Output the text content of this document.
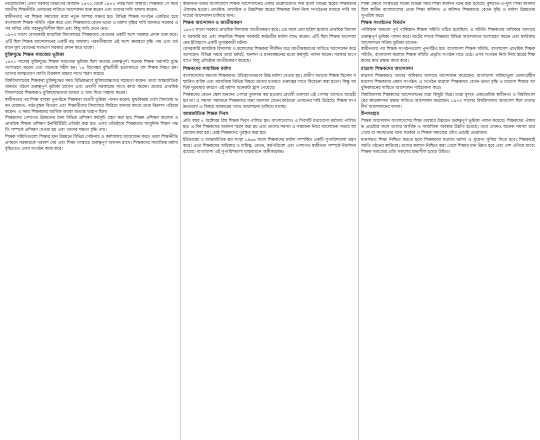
নিয়েছিলেন। এসব সরকার বিভাগের অবস্থান ১৯৭২ থেকে ১৯৭৫ পর্যন্ত ছিল অস্থায়ী। শিক্ষকরা সে সময় জাতীয় শিক্ষানীতি প্রণয়নের দাবিতে আন্দোলন শুরু করেন এবং তাদের দাবি আদায় করেন।

স্বাধীনতার পর শিক্ষক সমাজের মধ্যে নতুন আশার সঞ্চার হয়। বিভিন্ন শিক্ষক সংগঠন একত্রিত হয়ে বাংলাদেশ শিক্ষক সমিতি গঠন করে এবং শিক্ষকদের বেতন ভাতা ও মর্যাদা বৃদ্ধির দাবি জানায়। সরকার এসব দাবির প্রতি সহানুভূতিশীল ছিল এবং কিছু দাবি মেনে নেয়।

১৯৭৩ সালে বেসরকারি মাধ্যমিক বিদ্যালয়ের শিক্ষকদের বেতনের একটি অংশ সরকার প্রদান শুরু করে। এটি ছিল শিক্ষক আন্দোলনের একটি বড় সাফল্য। পরবর্তীকালে এই অংশ ক্রমান্বয়ে বৃদ্ধি পায় এবং বর্তমানে মূল বেতনের শতভাগ সরকার প্রদান করে থাকে।

মুক্তিযুদ্ধে শিক্ষক সমাজের ভূমিকা

১৯৭১ সালের মুক্তিযুদ্ধে শিক্ষক সমাজের ভূমিকা ছিল অত্যন্ত গুরুত্বপূর্ণ। অনেক শিক্ষক সরাসরি যুদ্ধে অংশগ্রহণ করেন এবং অনেকে শহীদ হন। ১৪ ডিসেম্বর বুদ্ধিজীবী হত্যাকাণ্ডে বহু শিক্ষক নিহত হন। তাদের আত্মত্যাগ জাতি চিরকাল শ্রদ্ধার সাথে স্মরণ করবে।

বিশ্ববিদ্যালয়ের শিক্ষকরা মুক্তিযুদ্ধের সময় বিভিন্নভাবে মুক্তিযোদ্ধাদের সহায়তা করেন। তারা আন্তর্জাতিক জনমত গঠনে গুরুত্বপূর্ণ ভূমিকা রাখেন এবং প্রবাসী সরকারের সাথে কাজ করেন। গ্রামের প্রাথমিক বিদ্যালয়ের শিক্ষকরাও মুক্তিযোদ্ধাদের আশ্রয় ও খাদ্য দিয়ে সাহায্য করেন।

স্বাধীনতার পর শিক্ষা ব্যবস্থা পুনর্গঠনে শিক্ষকরা অগ্রণী ভূমিকা পালন করেন। যুদ্ধবিধ্বস্ত দেশে বিদ্যালয় ভবন মেরামত, পাঠ্যপুস্তক বিতরণ এবং শিক্ষার্থীদের বিদ্যালয়ে ফিরিয়ে আনার কাজে তারা নিরলস পরিশ্রম করেন। এ সময় শিক্ষকদের আর্থিক অবস্থা অত্যন্ত খারাপ ছিল।

শিক্ষকদের পেশাগত উন্নয়নের জন্য বিভিন্ন প্রশিক্ষণ কর্মসূচি গ্রহণ করা হয়। শিক্ষক প্রশিক্ষণ কলেজ ও প্রাথমিক শিক্ষক প্রশিক্ষণ ইনস্টিটিউট প্রতিষ্ঠা করা হয়। এসব প্রতিষ্ঠানে শিক্ষকদের আধুনিক শিক্ষণ পদ্ধতি সম্পর্কে প্রশিক্ষণ দেওয়া হয় এবং তাদের দক্ষতা বৃদ্ধি পায়।

শিক্ষক সমিতিগুলো শিক্ষার মান উন্নয়নে বিভিন্ন সেমিনার ও কর্মশালার আয়োজন করে। তারা শিক্ষানীতি প্রণয়নে সরকারকে পরামর্শ দেয় এবং শিক্ষা সংস্কারে গুরুত্বপূর্ণ অবদান রাখে। শিক্ষকদের সামাজিক মর্যাদা বৃদ্ধিতেও এসব সংগঠন কাজ করে।

স্বাধীনতা-উত্তর বাংলাদেশে শিক্ষক আন্দোলনের একটি উল্লেখযোগ্য দিক হলো বিভিন্ন স্তরের শিক্ষকদের ঐক্যবদ্ধ হওয়া। প্রাথমিক, মাধ্যমিক ও উচ্চশিক্ষা স্তরের শিক্ষকরা নিজ নিজ সংগঠনের মাধ্যমে দাবি আদায়ের আন্দোলন চালিয়ে যান।

শিক্ষক আন্দোলন ও জাতীয়করণ

১৯৭৩ সালে সরকার প্রাথমিক বিদ্যালয় জাতীয়করণ করে। এর ফলে প্রায় ছত্রিশ হাজার প্রাথমিক বিদ্যালয় সরকারি হয় এবং লক্ষাধিক শিক্ষক সরকারি কর্মচারীর মর্যাদা লাভ করেন। এটি ছিল শিক্ষক আন্দোলনের ইতিহাসে একটি যুগান্তকারী ঘটনা।

বেসরকারি মাধ্যমিক বিদ্যালয় ও কলেজের শিক্ষকরা দীর্ঘদিন ধরে জাতীয়করণের দাবিতে আন্দোলন করে আসছেন। বিভিন্ন সময়ে তারা ধর্মঘট, অনশন ও মানববন্ধনের মতো কর্মসূচি পালন করেন। সরকার ধাপে ধাপে কিছু প্রতিষ্ঠান জাতীয়করণ করেছে।

শিক্ষকদের সামাজিক মর্যাদা

বাংলাদেশের সমাজে শিক্ষকদের ঐতিহ্যগতভাবে উচ্চ মর্যাদা দেওয়া হয়। গ্রামীণ সমাজে শিক্ষক ছিলেন সম্মানিত ব্যক্তি এবং সামাজিক বিভিন্ন বিষয়ে তাদের মতামত গুরুত্বের সাথে বিবেচনা করা হতো। কিন্তু আর্থিক দুরবস্থার কারণে এই মর্যাদা অনেকটা হ্রাস পেয়েছে।

শিক্ষকদের বেতন স্কেল অন্যান্য পেশার তুলনায় কম হওয়ায় মেধাবী তরুণরা এই পেশায় আসতে আগ্রহী হয় না। এ সমস্যা সমাধানে শিক্ষকদের জন্য আলাদা বেতন কাঠামো প্রণয়নের দাবি উঠেছে। শিক্ষক সংগঠনগুলো এ বিষয়ে সরকারের সাথে আলোচনা চালিয়ে যাচ্ছে।

আন্তর্জাতিক শিক্ষক দিবস

প্রতি বছর ৫ অক্টোবর বিশ্ব শিক্ষক দিবস পালিত হয়। বাংলাদেশেও এ দিবসটি যথাযোগ্য মর্যাদায় পালিত হয়। এ দিন শিক্ষকদের অবদান স্মরণ করা হয় এবং তাদের সমস্যা ও সম্ভাবনা নিয়ে আলোচনা সভার আয়োজন করা হয়। শ্রেষ্ঠ শিক্ষকদের পুরস্কৃত করা হয়।

ইউনেস্কো ও আন্তর্জাতিক শ্রম সংস্থা ১৯৬৬ সালে শিক্ষকদের মর্যাদা সম্পর্কিত একটি সুপারিশমালা গ্রহণ করে। এতে শিক্ষকদের অধিকার ও দায়িত্ব, বেতন, কর্মপরিবেশ এবং পেশাগত স্বাধীনতা সম্পর্কে নির্দেশনা রয়েছে। বাংলাদেশ এই সুপারিশমালা বাস্তবায়নে অঙ্গীকারবদ্ধ।

শিক্ষা ক্ষেত্রে সংস্কারের লক্ষ্যে বিভিন্ন সময় শিক্ষা কমিশন গঠন করা হয়েছে। কুদরাত-এ-খুদা শিক্ষা কমিশন ছিল স্বাধীন বাংলাদেশের প্রথম শিক্ষা কমিশন। এ কমিশন শিক্ষকদের বেতন বৃদ্ধি ও মর্যাদা উন্নয়নের সুপারিশ করে।

শিক্ষক সংগঠনের বিবর্তন

পাকিস্তান আমলে পূর্ব পাকিস্তান শিক্ষক সমিতি গঠিত হয়েছিল। এ সমিতি শিক্ষকদের অধিকার আদায়ে গুরুত্বপূর্ণ ভূমিকা পালন করে। ষাটের দশকে শিক্ষকরা বিভিন্ন আন্দোলনে অংশগ্রহণ করেন এবং স্বাধিকার আন্দোলনে সক্রিয় ভূমিকা রাখেন।

স্বাধীনতার পর শিক্ষক সংগঠনগুলো পুনর্গঠিত হয়। বাংলাদেশ শিক্ষক সমিতি, বাংলাদেশ প্রাথমিক শিক্ষক সমিতি, বাংলাদেশ কলেজ শিক্ষক সমিতি প্রভৃতি সংগঠন গড়ে ওঠে। এসব সংগঠন নিজ নিজ স্তরের শিক্ষকদের স্বার্থ রক্ষায় কাজ করে।

মাদ্রাসা শিক্ষকদের আন্দোলন

মাদ্রাসা শিক্ষকরাও তাদের অধিকার আদায়ে আন্দোলন করেছেন। বাংলাদেশ জমিয়াতুল মোদার্রেছীন মাদ্রাসা শিক্ষকদের প্রধান সংগঠন। এ সংগঠন মাদ্রাসা শিক্ষকদের বেতন ভাতা বৃদ্ধি ও মাদ্রাসা শিক্ষার আধুনিকায়নের দাবিতে আন্দোলন পরিচালনা করে।

বিশ্ববিদ্যালয় শিক্ষকদের আন্দোলনের ধারা কিছুটা ভিন্ন। তারা মূলত একাডেমিক স্বাধীনতা ও বিশ্ববিদ্যালয়ের স্বায়ত্তশাসন রক্ষার দাবিতে আন্দোলন করেছেন। ১৯৭৩ সালের বিশ্ববিদ্যালয় অধ্যাদেশ ছিল তাদের দীর্ঘ আন্দোলনের ফসল।

উপসংহার

শিক্ষক আন্দোলন বাংলাদেশের শিক্ষা ব্যবস্থার উন্নয়নে গুরুত্বপূর্ণ ভূমিকা পালন করেছে। শিক্ষকদের ঐক্যবদ্ধ প্রচেষ্টার ফলে তাদের আর্থিক ও সামাজিক অবস্থার উন্নতি হয়েছে। তবে এখনও অনেক সমস্যা রয়ে গেছে যা সমাধানের জন্য সরকার ও শিক্ষক সমাজের যৌথ প্রচেষ্টা প্রয়োজন।

মানসম্মত শিক্ষা নিশ্চিত করতে হলে শিক্ষকদের যথাযথ মর্যাদা ও সুযোগ সুবিধা দিতে হবে। শিক্ষকরাই জাতি গঠনের কারিগর। তাদের কল্যাণ নিশ্চিত করা গেলে শিক্ষার মান উন্নত হবে এবং দেশ এগিয়ে যাবে। শিক্ষক সমাজের প্রতি সকলের শ্রদ্ধাশীল হওয়া উচিত।
